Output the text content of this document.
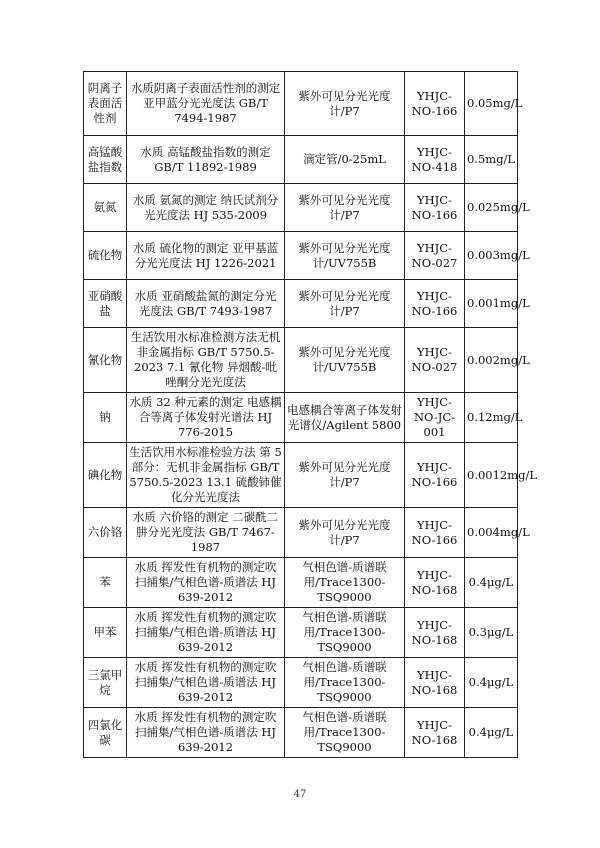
阴离子表面活性剂	水质阴离子表面活性剂的测定亚甲蓝分光光度法 GB/T 7494-1987	紫外可见分光光度计/P7	YHJC-NO-166	0.05mg/L
高锰酸盐指数	水质 高锰酸盐指数的测定 GB/T 11892-1989	滴定管/0-25mL	YHJC-NO-418	0.5mg/L
氨氮	水质 氨氮的测定 纳氏试剂分光光度法 HJ 535-2009	紫外可见分光光度计/P7	YHJC-NO-166	0.025mg/L
硫化物	水质 硫化物的测定 亚甲基蓝分光光度法 HJ 1226-2021	紫外可见分光光度计/UV755B	YHJC-NO-027	0.003mg/L
亚硝酸盐	水质 亚硝酸盐氮的测定分光光度法 GB/T 7493-1987	紫外可见分光光度计/P7	YHJC-NO-166	0.001mg/L
氰化物	生活饮用水标准检测方法无机非金属指标 GB/T 5750.5-2023 7.1 氰化物 异烟酸-吡唑酮分光光度法	紫外可见分光光度计/UV755B	YHJC-NO-027	0.002mg/L
钠	水质 32 种元素的测定 电感耦合等离子体发射光谱法 HJ 776-2015	电感耦合等离子体发射光谱仪/Agilent 5800	YHJC-NO-JC-001	0.12mg/L
碘化物	生活饮用水标准检验方法 第 5 部分：无机非金属指标 GB/T 5750.5-2023 13.1 硫酸铈催化分光光度法	紫外可见分光光度计/P7	YHJC-NO-166	0.0012mg/L
六价铬	水质 六价铬的测定 二碳酰二肼分光光度法 GB/T 7467-1987	紫外可见分光光度计/P7	YHJC-NO-166	0.004mg/L
苯	水质 挥发性有机物的测定吹扫捕集/气相色谱-质谱法 HJ 639-2012	气相色谱-质谱联用/Trace1300-TSQ9000	YHJC-NO-168	0.4μg/L
甲苯	水质 挥发性有机物的测定吹扫捕集/气相色谱-质谱法 HJ 639-2012	气相色谱-质谱联用/Trace1300-TSQ9000	YHJC-NO-168	0.3μg/L
三氯甲烷	水质 挥发性有机物的测定吹扫捕集/气相色谱-质谱法 HJ 639-2012	气相色谱-质谱联用/Trace1300-TSQ9000	YHJC-NO-168	0.4μg/L
四氯化碳	水质 挥发性有机物的测定吹扫捕集/气相色谱-质谱法 HJ 639-2012	气相色谱-质谱联用/Trace1300-TSQ9000	YHJC-NO-168	0.4μg/L
47
